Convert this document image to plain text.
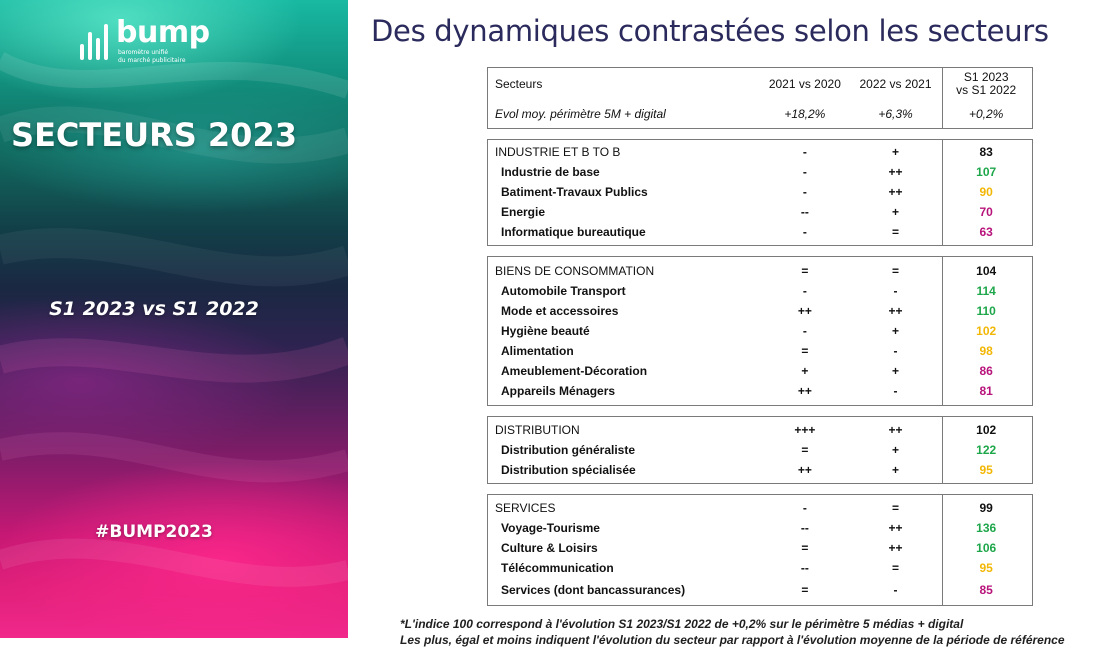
bump
baromètre unifié
du marché publicitaire
SECTEURS 2023
S1 2023 vs S1 2022
#BUMP2023
Des dynamiques contrastées selon les secteurs
Secteurs	2021 vs 2020	2022 vs 2021	S1 2023
vs S1 2022
Evol moy. périmètre 5M + digital	+18,2%	+6,3%	+0,2%
INDUSTRIE ET B TO B	-	+	83
Industrie de base	-	++	107
Batiment-Travaux Publics	-	++	90
Energie	--	+	70
Informatique bureautique	-	=	63
BIENS DE CONSOMMATION	=	=	104
Automobile Transport	-	-	114
Mode et accessoires	++	++	110
Hygiène beauté	-	+	102
Alimentation	=	-	98
Ameublement-Décoration	+	+	86
Appareils Ménagers	++	-	81
DISTRIBUTION	+++	++	102
Distribution généraliste	=	+	122
Distribution spécialisée	++	+	95
SERVICES	-	=	99
Voyage-Tourisme	--	++	136
Culture & Loisirs	=	++	106
Télécommunication	--	=	95
Services (dont bancassurances)	=	-	85
*L'indice 100 correspond à l'évolution S1 2023/S1 2022 de +0,2% sur le périmètre 5 médias + digital
Les plus, égal et moins indiquent l'évolution du secteur par rapport à l'évolution moyenne de la période de référence
